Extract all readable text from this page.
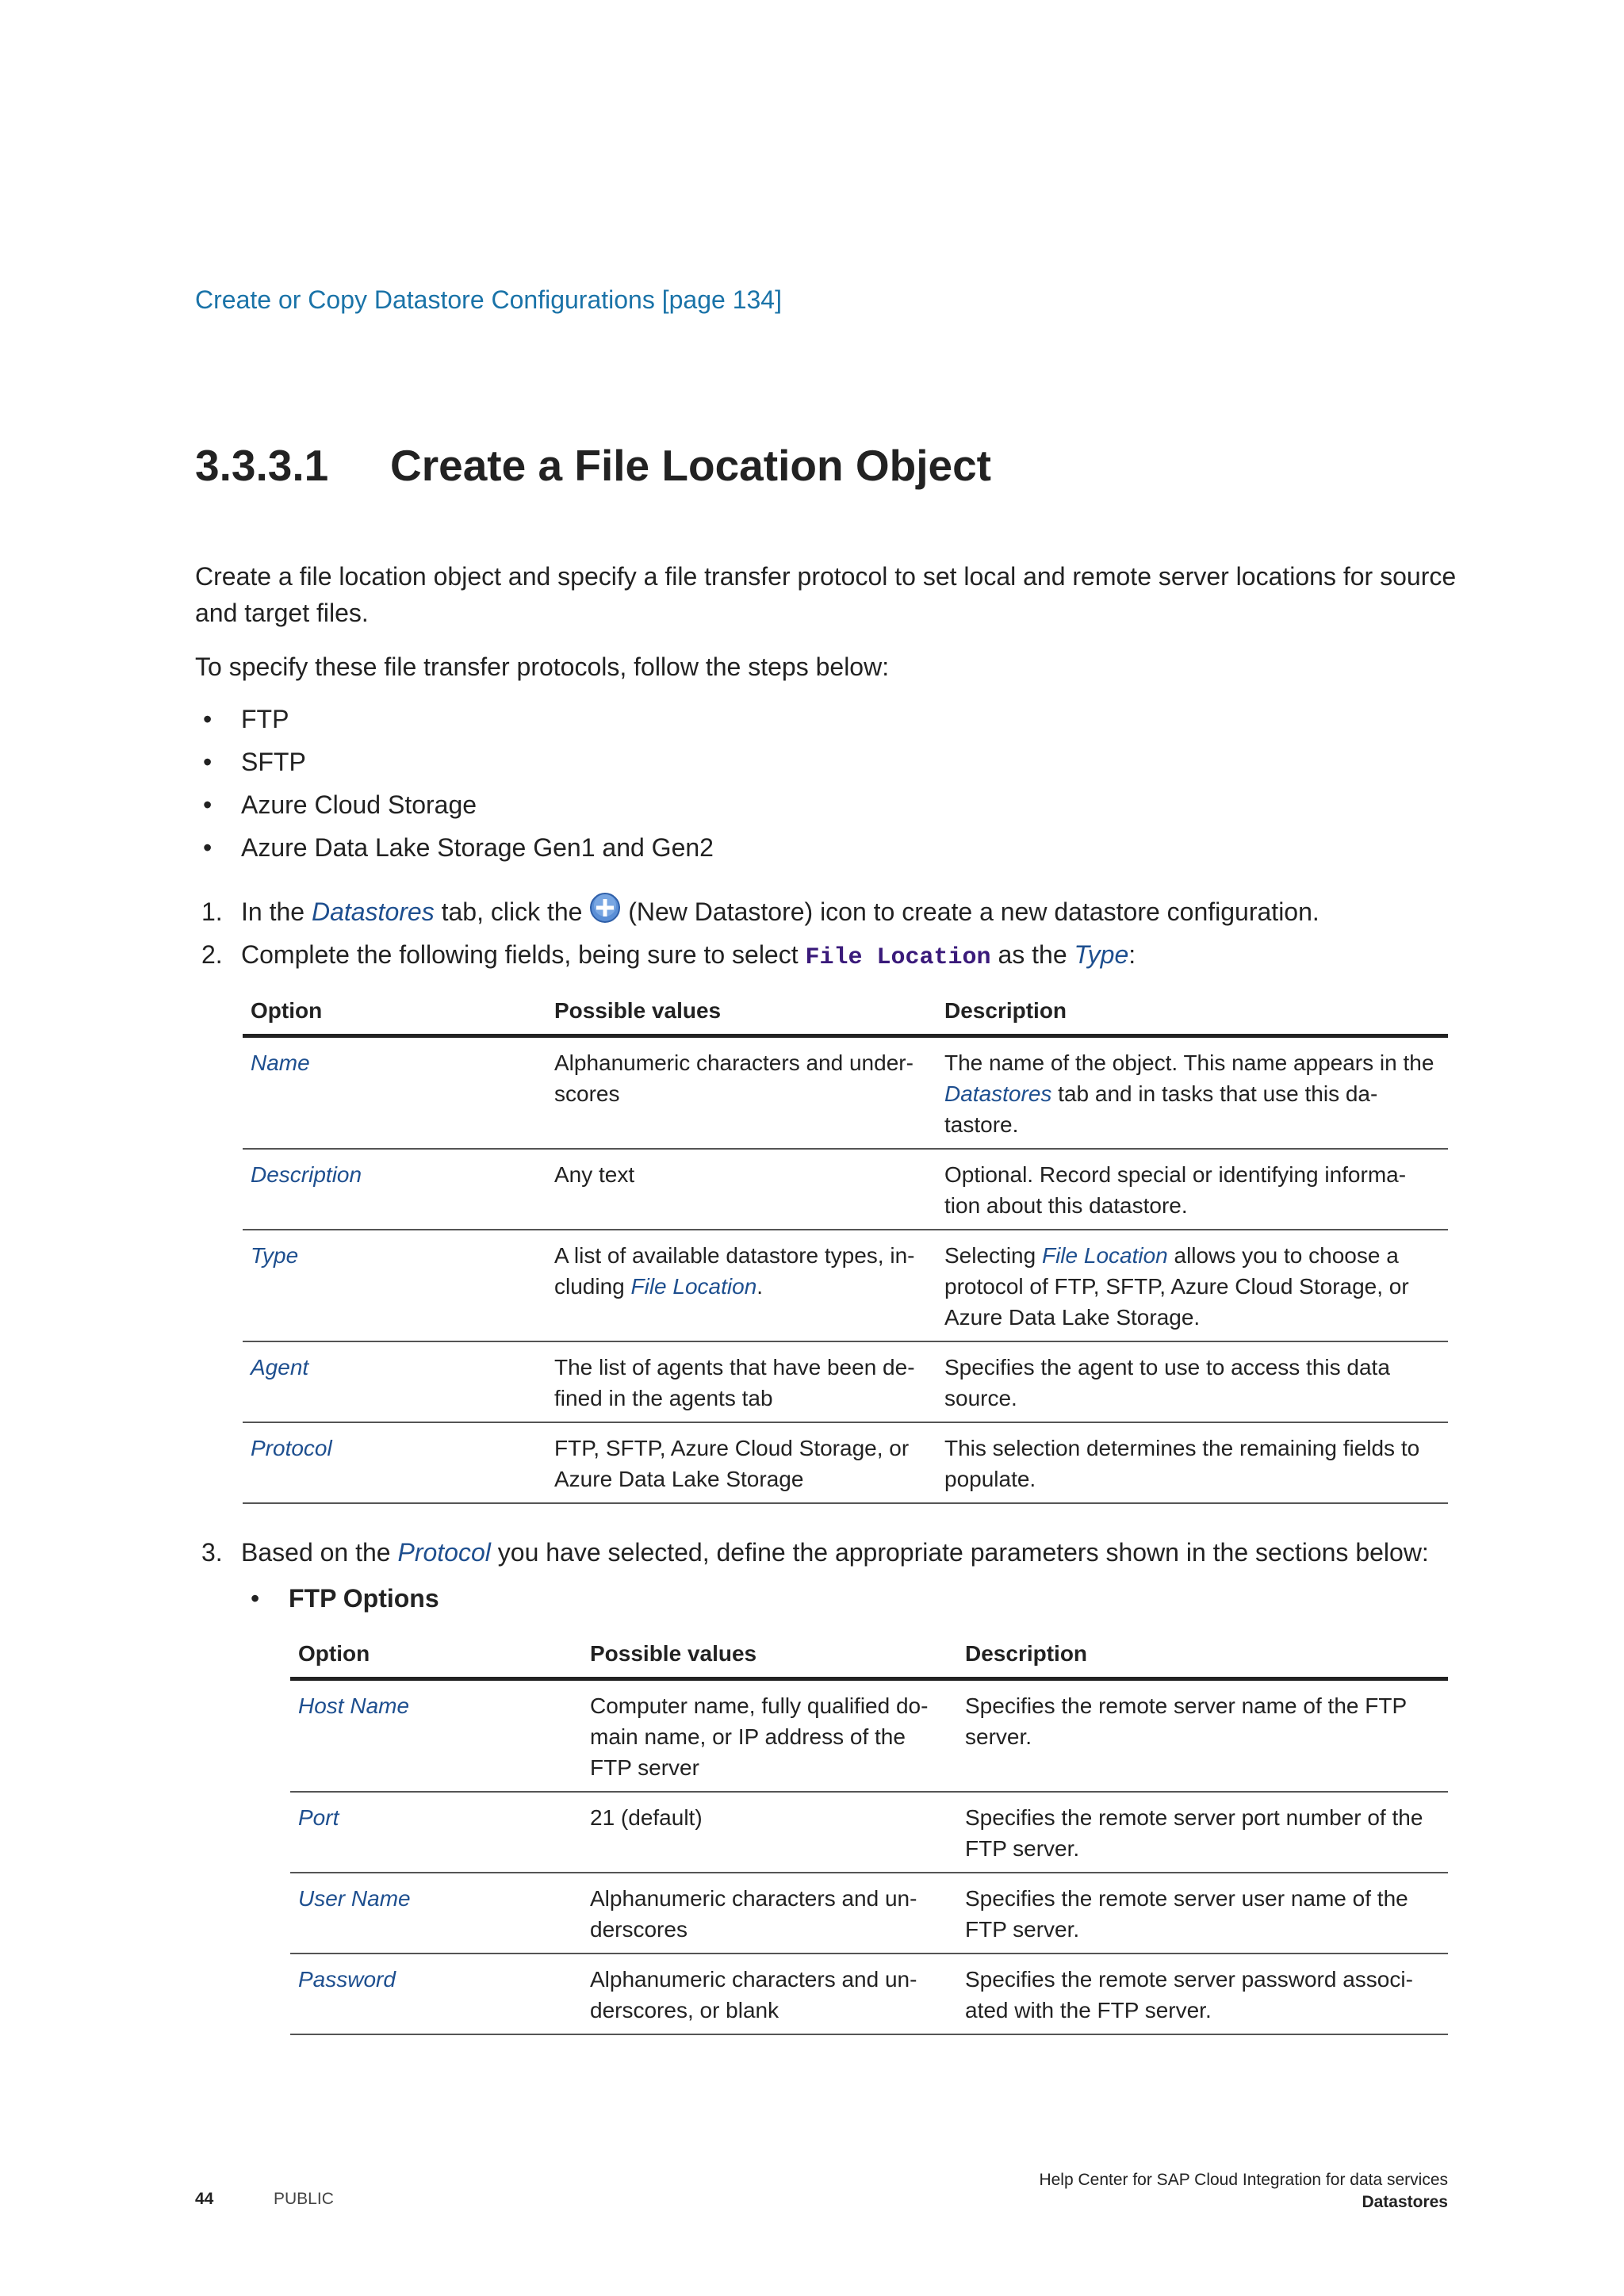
Create or Copy Datastore Configurations [page 134]
3.3.3.1 Create a File Location Object
Create a file location object and specify a file transfer protocol to set local and remote server locations for source and target files.
To specify these file transfer protocols, follow the steps below:
• FTP
• SFTP
• Azure Cloud Storage
• Azure Data Lake Storage Gen1 and Gen2
1. In the Datastores tab, click the  (New Datastore) icon to create a new datastore configuration.
2. Complete the following fields, being sure to select File Location as the Type:
Option	Possible values	Description
Name	Alphanumeric characters and under-scores	The name of the object. This name appears in the Datastores tab and in tasks that use this da-tastore.
Description	Any text	Optional. Record special or identifying informa-tion about this datastore.
Type	A list of available datastore types, in-cluding File Location.	Selecting File Location allows you to choose a protocol of FTP, SFTP, Azure Cloud Storage, or Azure Data Lake Storage.
Agent	The list of agents that have been de-fined in the agents tab	Specifies the agent to use to access this data source.
Protocol	FTP, SFTP, Azure Cloud Storage, or Azure Data Lake Storage	This selection determines the remaining fields to populate.
3. Based on the Protocol you have selected, define the appropriate parameters shown in the sections below:
• FTP Options
Option	Possible values	Description
Host Name	Computer name, fully qualified do-main name, or IP address of the FTP server	Specifies the remote server name of the FTP server.
Port	21 (default)	Specifies the remote server port number of the FTP server.
User Name	Alphanumeric characters and un-derscores	Specifies the remote server user name of the FTP server.
Password	Alphanumeric characters and un-derscores, or blank	Specifies the remote server password associ-ated with the FTP server.
44	PUBLIC
Help Center for SAP Cloud Integration for data services
Datastores
